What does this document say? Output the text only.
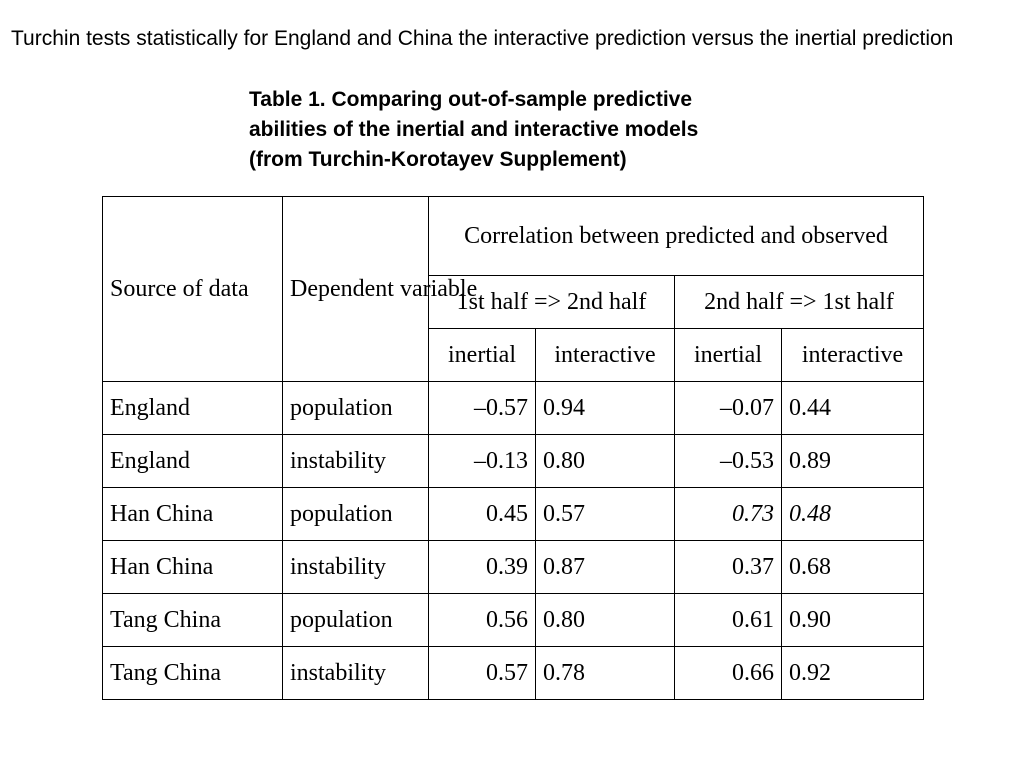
Turchin tests statistically for England and China the interactive prediction versus the inertial prediction

Table 1. Comparing out-of-sample predictive
abilities of the inertial and interactive models
(from Turchin-Korotayev Supplement)
Source of data	Dependent variable	Correlation between predicted and observed			
		1st half => 2nd half		2nd half => 1st half	
		inertial	interactive	inertial	interactive
England	population	–0.57	0.94	–0.07	0.44
England	instability	–0.13	0.80	–0.53	0.89
Han China	population	0.45	0.57	0.73	0.48
Han China	instability	0.39	0.87	0.37	0.68
Tang China	population	0.56	0.80	0.61	0.90
Tang China	instability	0.57	0.78	0.66	0.92
